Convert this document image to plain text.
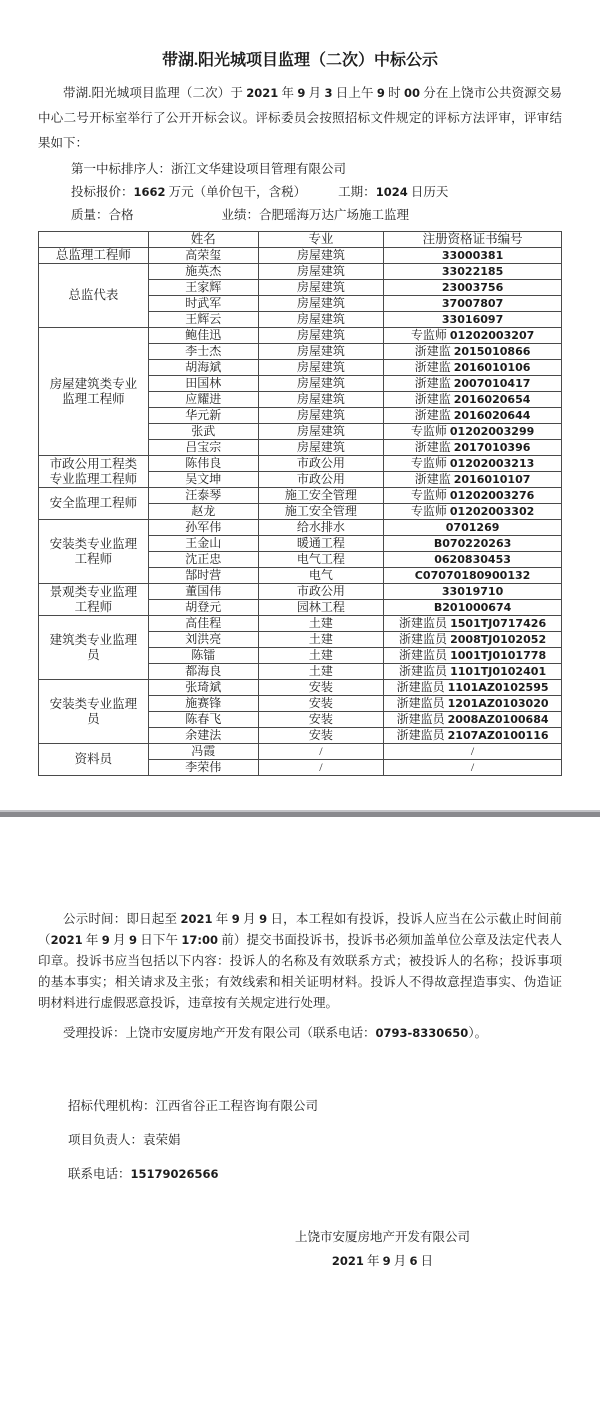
带湖.阳光城项目监理（二次）中标公示

带湖.阳光城项目监理（二次）于 2021 年 9 月 3 日上午 9 时 00 分在上饶市公共资源交易中心二号开标室举行了公开开标会议。评标委员会按照招标文件规定的评标方法评审，评审结果如下：

第一中标排序人：浙江文华建设项目管理有限公司

投标报价：1662 万元（单价包干，含税）	工期：1024 日历天

质量：合格	业绩：合肥瑶海万达广场施工监理

	姓名	专业	注册资格证书编号
总监理工程师	高荣玺	房屋建筑	33000381
总监代表	施英杰	房屋建筑	33022185
	王家辉	房屋建筑	23003756
	时武军	房屋建筑	37007807
	王辉云	房屋建筑	33016097
房屋建筑类专业监理工程师	鲍佳迅	房屋建筑	专监师 01202003207
	李士杰	房屋建筑	浙建监 2015010866
	胡海斌	房屋建筑	浙建监 2016010106
	田国林	房屋建筑	浙建监 2007010417
	应耀进	房屋建筑	浙建监 2016020654
	华元新	房屋建筑	浙建监 2016020644
	张武	房屋建筑	专监师 01202003299
	吕宝宗	房屋建筑	浙建监 2017010396
市政公用工程类专业监理工程师	陈伟良	市政公用	专监师 01202003213
	吴文坤	市政公用	浙建监 2016010107
安全监理工程师	汪泰琴	施工安全管理	专监师 01202003276
	赵龙	施工安全管理	专监师 01202003302
安装类专业监理工程师	孙军伟	给水排水	0701269
	王金山	暖通工程	B070220263
	沈正忠	电气工程	0620830453
	郜时营	电气	C07070180900132
景观类专业监理工程师	董国伟	市政公用	33019710
	胡登元	园林工程	B201000674
建筑类专业监理员	高佳程	土建	浙建监员 1501TJ0717426
	刘洪亮	土建	浙建监员 2008TJ0102052
	陈镭	土建	浙建监员 1001TJ0101778
	都海良	土建	浙建监员 1101TJ0102401
安装类专业监理员	张琦斌	安装	浙建监员 1101AZ0102595
	施赛锋	安装	浙建监员 1201AZ0103020
	陈春飞	安装	浙建监员 2008AZ0100684
	余建法	安装	浙建监员 2107AZ0100116
资料员	冯霞	/	/
	李荣伟	/	/

公示时间：即日起至 2021 年 9 月 9 日，本工程如有投诉，投诉人应当在公示截止时间前（2021 年 9 月 9 日下午 17:00 前）提交书面投诉书，投诉书必须加盖单位公章及法定代表人印章。投诉书应当包括以下内容：投诉人的名称及有效联系方式；被投诉人的名称；投诉事项的基本事实；相关请求及主张；有效线索和相关证明材料。投诉人不得故意捏造事实、伪造证明材料进行虚假恶意投诉，违章按有关规定进行处理。

受理投诉：上饶市安厦房地产开发有限公司（联系电话：0793-8330650）。

招标代理机构：江西省谷正工程咨询有限公司

项目负责人：袁荣娟

联系电话：15179026566

上饶市安厦房地产开发有限公司

2021 年 9 月 6 日
